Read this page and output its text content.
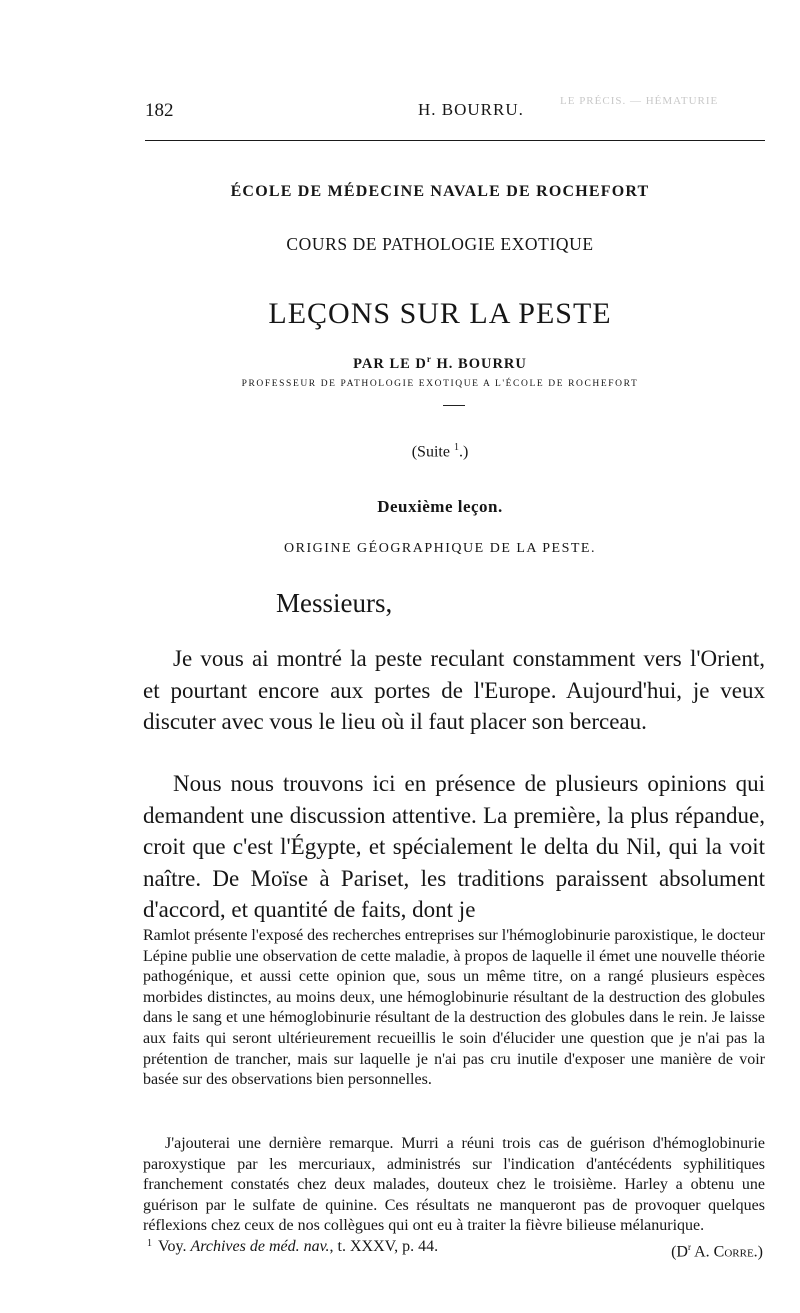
LE PRÉCIS. — HÉMATURIE
182	H. BOURRU.
ÉCOLE DE MÉDECINE NAVALE DE ROCHEFORT
COURS DE PATHOLOGIE EXOTIQUE
LEÇONS SUR LA PESTE
PAR LE $D^r$ H. BOURRU
PROFESSEUR DE PATHOLOGIE EXOTIQUE A L'ÉCOLE DE ROCHEFORT
(Suite $^1$.)
Deuxième leçon.
ORIGINE GÉOGRAPHIQUE DE LA PESTE.
Messieurs,

Je vous ai montré la peste reculant constamment vers l'Orient, et pourtant encore aux portes de l'Europe. Aujourd'hui, je veux discuter avec vous le lieu où il faut placer son berceau.

Nous nous trouvons ici en présence de plusieurs opinions qui demandent une discussion attentive. La première, la plus répandue, croit que c'est l'Égypte, et spécialement le delta du Nil, qui la voit naître. De Moïse à Pariset, les traditions paraissent absolument d'accord, et quantité de faits, dont je

Ramlot présente l'exposé des recherches entreprises sur l'hémoglobinurie paroxistique, le docteur Lépine publie une observation de cette maladie, à propos de laquelle il émet une nouvelle théorie pathogénique, et aussi cette opinion que, sous un même titre, on a rangé plusieurs espèces morbides distinctes, au moins deux, une hémoglobinurie résultant de la destruction des globules dans le sang et une hémoglobinurie résultant de la destruction des globules dans le rein. Je laisse aux faits qui seront ultérieurement recueillis le soin d'élucider une question que je n'ai pas la prétention de trancher, mais sur laquelle je n'ai pas cru inutile d'exposer une manière de voir basée sur des observations bien personnelles.

J'ajouterai une dernière remarque. Murri a réuni trois cas de guérison d'hémoglobinurie paroxystique par les mercuriaux, administrés sur l'indication d'antécédents syphilitiques franchement constatés chez deux malades, douteux chez le troisième. Harley a obtenu une guérison par le sulfate de quinine. Ces résultats ne manqueront pas de provoquer quelques réflexions chez ceux de nos collègues qui ont eu à traiter la fièvre bilieuse mélanurique.
($D^r$ A. Corre.)
$^1$ Voy. Archives de méd. nav., t. XXXV, p. 44.
